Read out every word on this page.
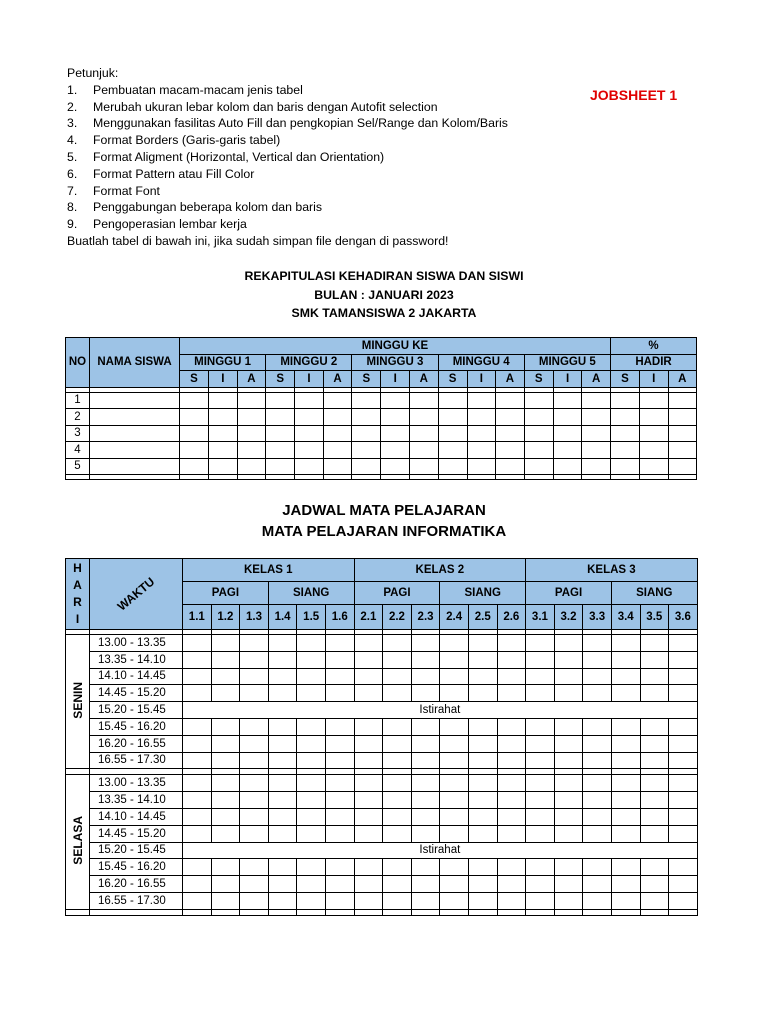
Petunjuk:
1.	Pembuatan macam-macam jenis tabel
2.	Merubah ukuran lebar kolom dan baris dengan Autofit selection
3.	Menggunakan fasilitas Auto Fill dan pengkopian Sel/Range dan Kolom/Baris
4.	Format Borders (Garis-garis tabel)
5.	Format Aligment (Horizontal, Vertical dan Orientation)
6.	Format Pattern atau Fill Color
7.	Format Font
8.	Penggabungan beberapa kolom dan baris
9.	Pengoperasian lembar kerja
Buatlah tabel di bawah ini, jika sudah simpan file dengan di password!
JOBSHEET 1
REKAPITULASI KEHADIRAN SISWA DAN SISWI
BULAN : JANUARI 2023
SMK TAMANSISWA 2 JAKARTA
NO	NAMA SISWA	MINGGU KE															%		
		MINGGU 1			MINGGU 2			MINGGU 3			MINGGU 4			MINGGU 5			HADIR		
		S	I	A	S	I	A	S	I	A	S	I	A	S	I	A	S	I	A

1																			
2																			
3																			
4																			
5																			

JADWAL MATA PELAJARAN
MATA PELAJARAN INFORMATIKA
H
A
R
I	WAKTU	KELAS 1						KELAS 2						KELAS 3					
		PAGI			SIANG			PAGI			SIANG			PAGI			SIANG		
		1.1	1.2	1.3	1.4	1.5	1.6	2.1	2.2	2.3	2.4	2.5	2.6	3.1	3.2	3.3	3.4	3.5	3.6

SENIN	13.00 - 13.35																		
	13.35 - 14.10																		
	14.10 - 14.45																		
	14.45 - 15.20																		
	15.20 - 15.45	Istirahat																	
	15.45 - 16.20																		
	16.20 - 16.55																		
	16.55 - 17.30																		

SELASA	13.00 - 13.35																		
	13.35 - 14.10																		
	14.10 - 14.45																		
	14.45 - 15.20																		
	15.20 - 15.45	Istirahat																	
	15.45 - 16.20																		
	16.20 - 16.55																		
	16.55 - 17.30																		
